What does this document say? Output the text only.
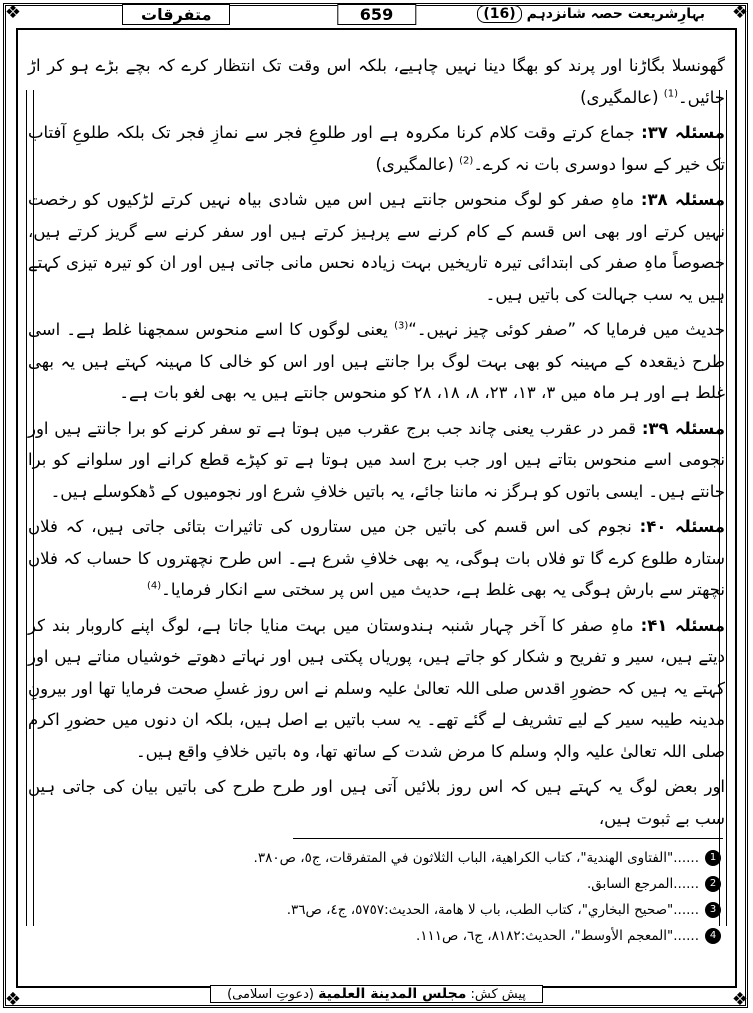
❖	❖
❖	❖
بہارِشریعت حصہ شانزدہم (16)
659
متفرقات

گھونسلا بگاڑنا اور پرند کو بھگا دینا نہیں چاہیے، بلکہ اس وقت تک انتظار کرے کہ بچے بڑے ہو کر اڑ جائیں۔$^{(1)}$ (عالمگیری)

مسئلہ ۳۷: جماع کرتے وقت کلام کرنا مکروہ ہے اور طلوعِ فجر سے نمازِ فجر تک بلکہ طلوعِ آفتاب تک خیر کے سوا دوسری بات نہ کرے۔$^{(2)}$ (عالمگیری)

مسئلہ ۳۸: ماہِ صفر کو لوگ منحوس جانتے ہیں اس میں شادی بیاہ نہیں کرتے لڑکیوں کو رخصت نہیں کرتے اور بھی اس قسم کے کام کرنے سے پرہیز کرتے ہیں اور سفر کرنے سے گریز کرتے ہیں، خصوصاً ماہِ صفر کی ابتدائی تیرہ تاریخیں بہت زیادہ نحس مانی جاتی ہیں اور ان کو تیرہ تیزی کہتے ہیں یہ سب جہالت کی باتیں ہیں۔

حدیث میں فرمایا کہ ”صفر کوئی چیز نہیں۔“$^{(3)}$ یعنی لوگوں کا اسے منحوس سمجھنا غلط ہے۔ اسی طرح ذیقعدہ کے مہینہ کو بھی بہت لوگ برا جانتے ہیں اور اس کو خالی کا مہینہ کہتے ہیں یہ بھی غلط ہے اور ہر ماہ میں ۳، ۱۳، ۲۳، ۸، ۱۸، ۲۸ کو منحوس جانتے ہیں یہ بھی لغو بات ہے۔

مسئلہ ۳۹: قمر در عقرب یعنی چاند جب برج عقرب میں ہوتا ہے تو سفر کرنے کو برا جانتے ہیں اور نجومی اسے منحوس بتاتے ہیں اور جب برج اسد میں ہوتا ہے تو کپڑے قطع کرانے اور سلوانے کو برا جانتے ہیں۔ ایسی باتوں کو ہرگز نہ ماننا جائے، یہ باتیں خلافِ شرع اور نجومیوں کے ڈھکوسلے ہیں۔

مسئلہ ۴۰: نجوم کی اس قسم کی باتیں جن میں ستاروں کی تاثیرات بتائی جاتی ہیں، کہ فلاں ستارہ طلوع کرے گا تو فلاں بات ہوگی، یہ بھی خلافِ شرع ہے۔ اس طرح نچھتروں کا حساب کہ فلاں نچھتر سے بارش ہوگی یہ بھی غلط ہے، حدیث میں اس پر سختی سے انکار فرمایا۔$^{(4)}$

مسئلہ ۴۱: ماہِ صفر کا آخر چہار شنبہ ہندوستان میں بہت منایا جاتا ہے، لوگ اپنے کاروبار بند کر دیتے ہیں، سیر و تفریح و شکار کو جاتے ہیں، پوریاں پکتی ہیں اور نہاتے دھوتے خوشیاں مناتے ہیں اور کہتے یہ ہیں کہ حضورِ اقدس صلی اللہ تعالیٰ علیہ وسلم نے اس روز غسلِ صحت فرمایا تھا اور بیرونِ مدینہ طیبہ سیر کے لیے تشریف لے گئے تھے۔ یہ سب باتیں بے اصل ہیں، بلکہ ان دنوں میں حضورِ اکرم صلی اللہ تعالیٰ علیہ والہٖ وسلم کا مرض شدت کے ساتھ تھا، وہ باتیں خلافِ واقع ہیں۔

اور بعض لوگ یہ کہتے ہیں کہ اس روز بلائیں آتی ہیں اور طرح طرح کی باتیں بیان کی جاتی ہیں سب بے ثبوت ہیں،

1
......"الفتاوى الهندية"، كتاب الكراهية، الباب الثلاثون في المتفرقات، ج٥، ص٣٨٠.
2
......المرجع السابق.
3
......"صحيح البخاري"، كتاب الطب، باب لا هامة، الحديث:٥٧٥٧، ج٤، ص٣٦.
4
......"المعجم الأوسط"، الحديث:٨١٨٢، ج٦، ص١١١.
پیش کش: مجلس المدينة العلمية (دعوتِ اسلامی)
